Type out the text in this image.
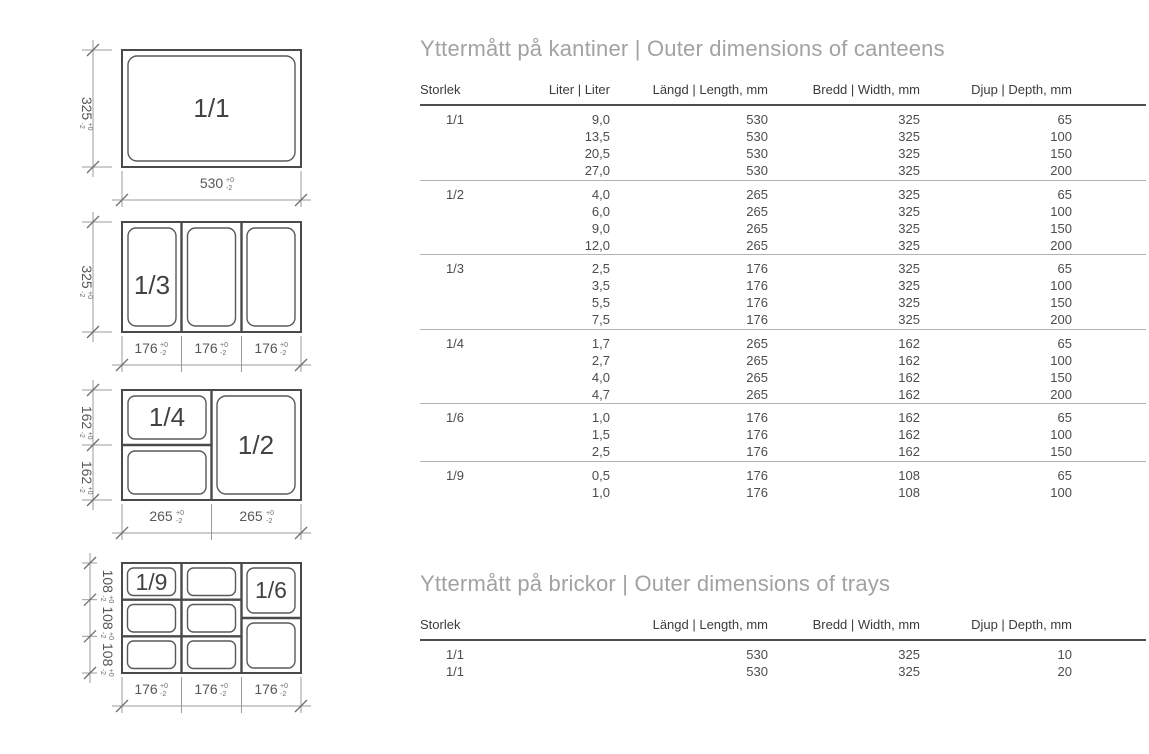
1/1
325
+0
-2
530 +0
-2
1/3
325
+0
-2
176 +0
-2 176 +0
-2 176 +0
-2
1/4
1/2
162
+0
-2
162
+0
-2
265 +0
-2	265 +0
-2
1/9	1/6
108
+0
-2
108
+0
-2
108
+0
-2
176 +0
-2 176 +0
-2 176 +0
-2
Yttermått på kantiner | Outer dimensions of canteens
Storlek	Liter | Liter	Längd | Length, mm	Bredd | Width, mm	Djup | Depth, mm	
1/1	9,0	530	325	65	
	13,5	530	325	100	
	20,5	530	325	150	
	27,0	530	325	200	
1/2	4,0	265	325	65	
	6,0	265	325	100	
	9,0	265	325	150	
	12,0	265	325	200	
1/3	2,5	176	325	65	
	3,5	176	325	100	
	5,5	176	325	150	
	7,5	176	325	200	
1/4	1,7	265	162	65	
	2,7	265	162	100	
	4,0	265	162	150	
	4,7	265	162	200	
1/6	1,0	176	162	65	
	1,5	176	162	100	
	2,5	176	162	150	
1/9	0,5	176	108	65	
	1,0	176	108	100	
Yttermått på brickor | Outer dimensions of trays
Storlek		Längd | Length, mm	Bredd | Width, mm	Djup | Depth, mm	
1/1		530	325	10	
1/1		530	325	20	
